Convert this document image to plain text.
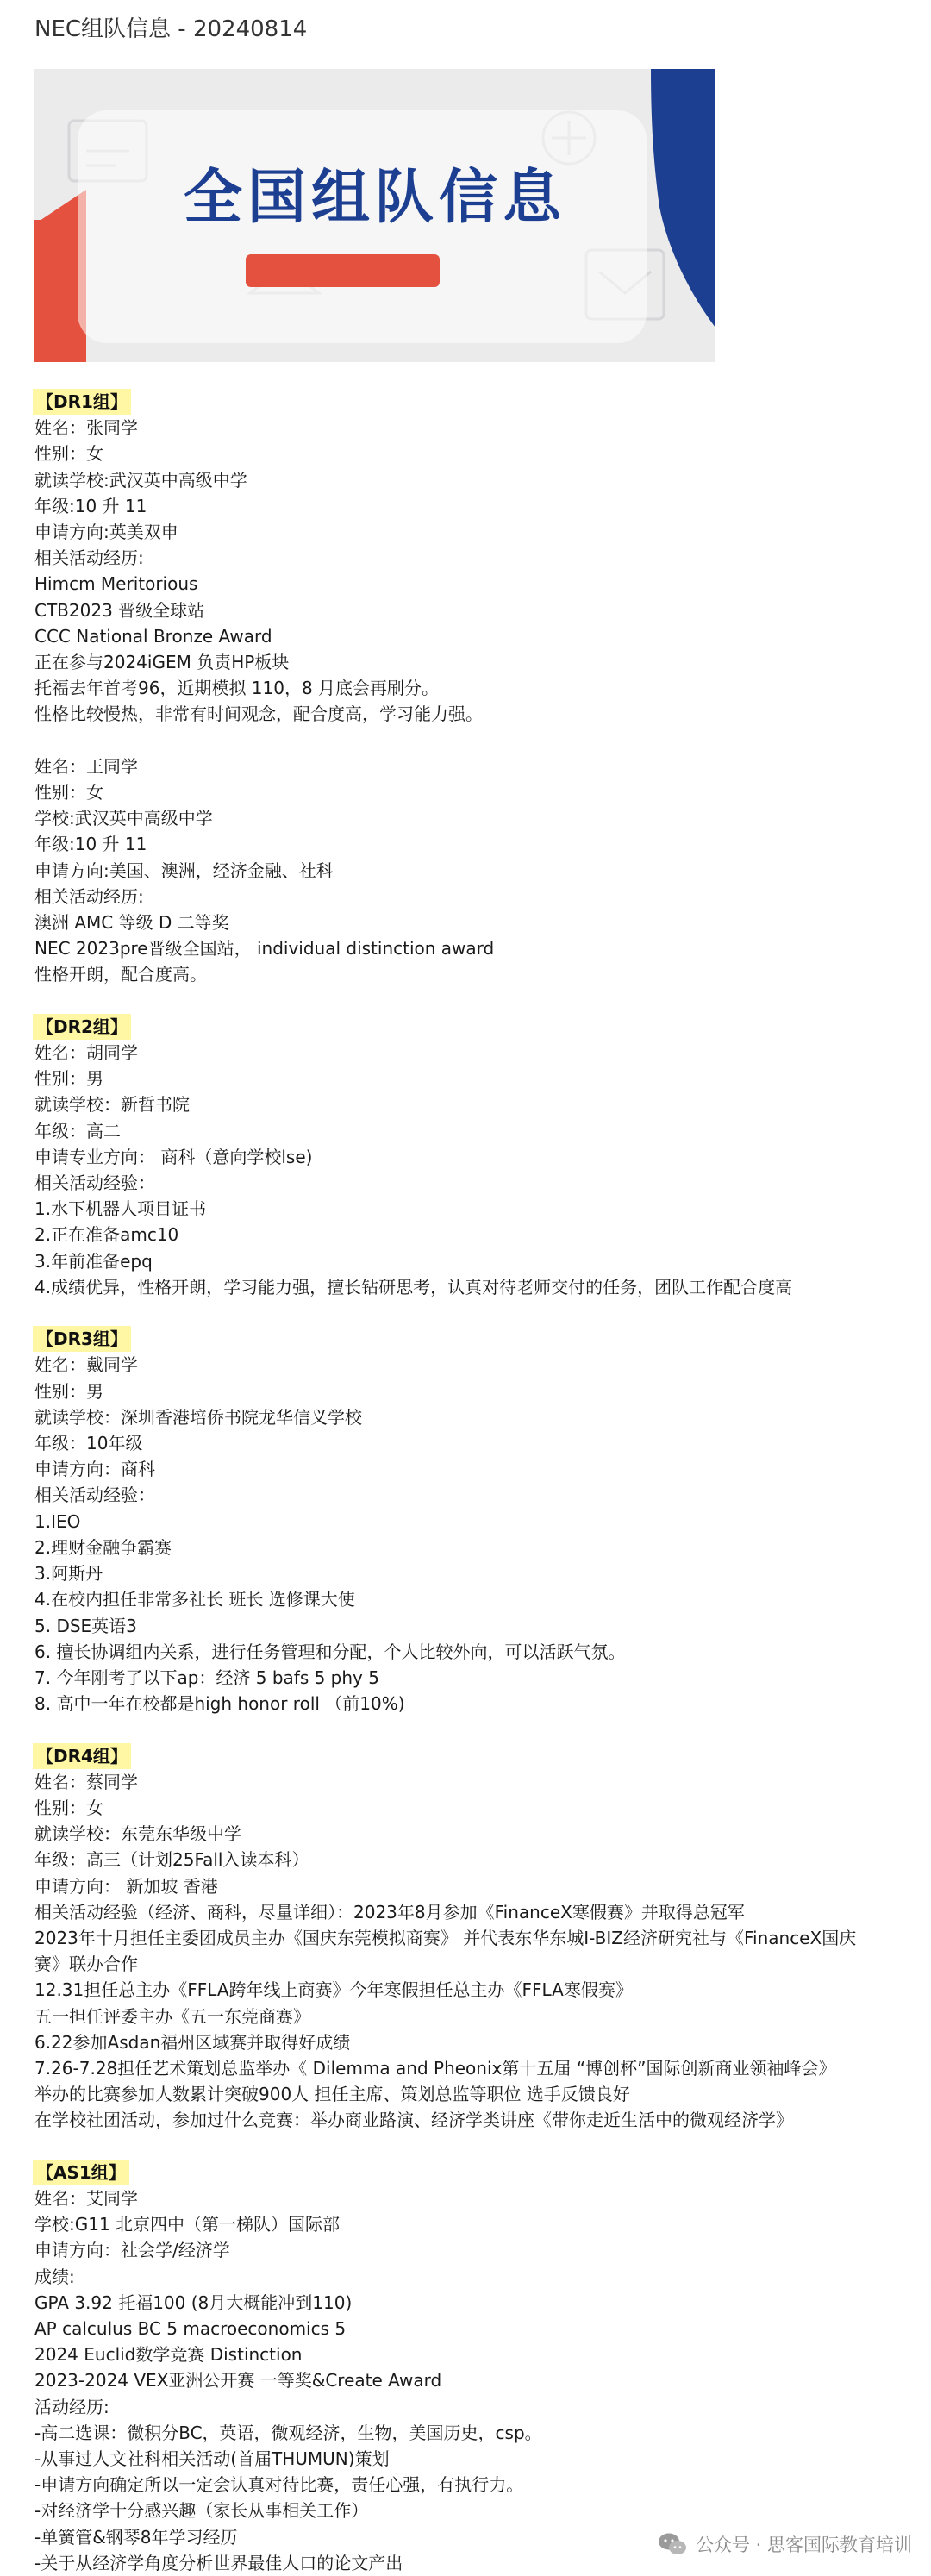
NEC组队信息 - 20240814
全国组队信息
【DR1组】
姓名：张同学
性别：女
就读学校:武汉英中高级中学
年级:10 升 11
申请方向:英美双申
相关活动经历:
Himcm Meritorious
CTB2023 晋级全球站
CCC National Bronze Award
正在参与2024iGEM 负责HP板块
托福去年首考96，近期模拟 110，8 月底会再刷分。
性格比较慢热，非常有时间观念，配合度高，学习能力强。
姓名：王同学
性别：女
学校:武汉英中高级中学
年级:10 升 11
申请方向:美国、澳洲，经济金融、社科
相关活动经历:
澳洲 AMC 等级 D 二等奖
NEC 2023pre晋级全国站， individual distinction award
性格开朗，配合度高。
【DR2组】
姓名：胡同学
性别：男
就读学校：新哲书院
年级：高二
申请专业方向： 商科（意向学校lse)
相关活动经验：
1.水下机器人项目证书
2.正在准备amc10
3.年前准备epq
4.成绩优异，性格开朗，学习能力强，擅长钻研思考，认真对待老师交付的任务，团队工作配合度高
【DR3组】
姓名：戴同学
性别：男
就读学校：深圳香港培侨书院龙华信义学校
年级：10年级
申请方向：商科
相关活动经验：
1.IEO
2.理财金融争霸赛
3.阿斯丹
4.在校内担任非常多社长 班长 选修课大使
5. DSE英语3
6. 擅长协调组内关系，进行任务管理和分配，个人比较外向，可以活跃气氛。
7. 今年刚考了以下ap：经济 5 bafs 5 phy 5
8. 高中一年在校都是high honor roll （前10%)
【DR4组】
姓名：蔡同学
性别：女
就读学校：东莞东华级中学
年级：高三（计划25Fall入读本科）
申请方向： 新加坡 香港
相关活动经验（经济、商科，尽量详细）：2023年8月参加《FinanceX寒假赛》并取得总冠军
2023年十月担任主委团成员主办《国庆东莞模拟商赛》 并代表东华东城I-BIZ经济研究社与《FinanceX国庆
赛》联办合作
12.31担任总主办《FFLA跨年线上商赛》今年寒假担任总主办《FFLA寒假赛》
五一担任评委主办《五一东莞商赛》
6.22参加Asdan福州区域赛并取得好成绩
7.26-7.28担任艺术策划总监举办《 Dilemma and Pheonix第十五届 “博创杯”国际创新商业领袖峰会》
举办的比赛参加人数累计突破900人 担任主席、策划总监等职位 选手反馈良好
在学校社团活动，参加过什么竞赛：举办商业路演、经济学类讲座《带你走近生活中的微观经济学》
【AS1组】
姓名：艾同学
学校:G11 北京四中（第一梯队）国际部
申请方向：社会学/经济学
成绩:
GPA 3.92 托福100 (8月大概能冲到110)
AP calculus BC 5 macroeconomics 5
2024 Euclid数学竞赛 Distinction
2023-2024 VEX亚洲公开赛 一等奖&Create Award
活动经历:
-高二选课：微积分BC，英语，微观经济，生物，美国历史，csp。
-从事过人文社科相关活动(首届THUMUN)策划
-申请方向确定所以一定会认真对待比赛，责任心强，有执行力。
-对经济学十分感兴趣（家长从事相关工作）
-单簧管&钢琴8年学习经历
-关于从经济学角度分析世界最佳人口的论文产出
公众号 · 思客国际教育培训
